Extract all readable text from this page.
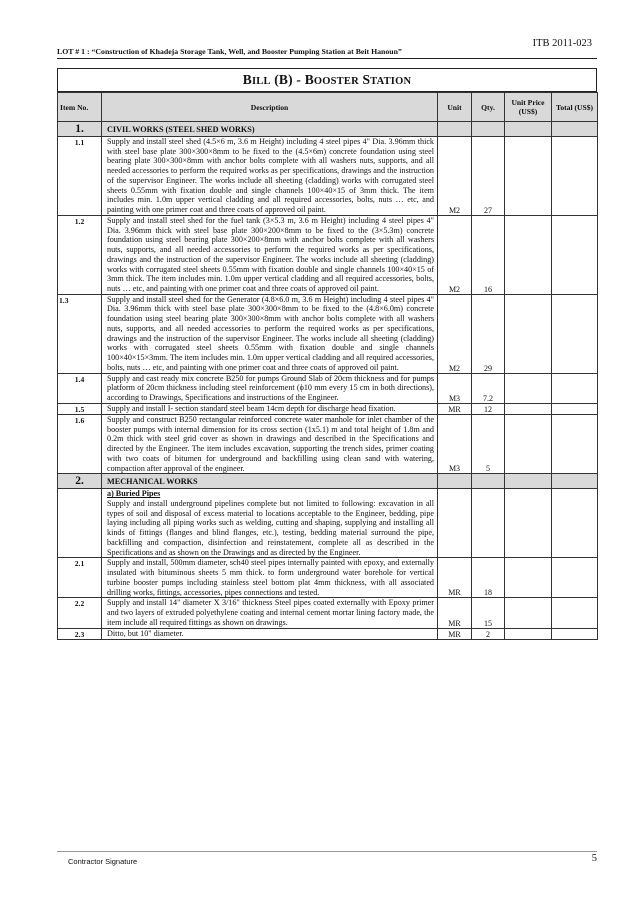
ITB 2011-023
LOT # 1 : “Construction of Khadeja Storage Tank, Well, and Booster Pumping Station at Beit Hanoun”
BILL (B) - BOOSTER STATION
Item No.	Description	Unit	Qty.	Unit Price (US$)	Total (US$)
1.	CIVIL WORKS (STEEL SHED WORKS)				
1.1	Supply and install steel shed (4.5×6 m, 3.6 m Height) including 4 steel pipes 4" Dia. 3.96mm thick with steel base plate 300×300×8mm to be fixed to the (4.5×6m) concrete foundation using steel bearing plate 300×300×8mm with anchor bolts complete with all washers nuts, supports, and all needed accessories to perform the required works as per specifications, drawings and the instruction of the supervisor Engineer. The works include all sheeting (cladding) works with corrugated steel sheets 0.55mm with fixation double and single channels 100×40×15 of 3mm thick. The item includes min. 1.0m upper vertical cladding and all required accessories, bolts, nuts … etc, and painting with one primer coat and three coats of approved oil paint.	M2	27		
1.2	Supply and install steel shed for the fuel tank (3×5.3 m, 3.6 m Height) including 4 steel pipes 4" Dia. 3.96mm thick with steel base plate 300×200×8mm to be fixed to the (3×5.3m) concrete foundation using steel bearing plate 300×200×8mm with anchor bolts complete with all washers nuts, supports, and all needed accessories to perform the required works as per specifications, drawings and the instruction of the supervisor Engineer. The works include all sheeting (cladding) works with corrugated steel sheets 0.55mm with fixation double and single channels 100×40×15 of 3mm thick. The item includes min. 1.0m upper vertical cladding and all required accessories, bolts, nuts … etc, and painting with one primer coat and three coats of approved oil paint.	M2	16		
1.3	Supply and install steel shed for the Generator (4.8×6.0 m, 3.6 m Height) including 4 steel pipes 4" Dia. 3.96mm thick with steel base plate 300×300×8mm to be fixed to the (4.8×6.0m) concrete foundation using steel bearing plate 300×300×8mm with anchor bolts complete with all washers nuts, supports, and all needed accessories to perform the required works as per specifications, drawings and the instruction of the supervisor Engineer. The works include all sheeting (cladding) works with corrugated steel sheets 0.55mm with fixation double and single channels 100×40×15×3mm. The item includes min. 1.0m upper vertical cladding and all required accessories, bolts, nuts … etc, and painting with one primer coat and three coats of approved oil paint.	M2	29		
1.4	Supply and cast ready mix concrete B250 for pumps Ground Slab of 20cm thickness and for pumps platform of 20cm thickness including steel reinforcement (ϕ10 mm every 15 cm in both directions), according to Drawings, Specifications and instructions of the Engineer.	M3	7.2		
1.5	Supply and install I- section standard steel beam 14cm depth for discharge head fixation.	MR	12		
1.6	Supply and construct B250 rectangular reinforced concrete water manhole for inlet chamber of the booster pumps with internal dimension for its cross section (1x5.1) m and total height of 1.8m and 0.2m thick with steel grid cover as shown in drawings and described in the Specifications and directed by the Engineer. The item includes excavation, supporting the trench sides, primer coating with two coats of bitumen for underground and backfilling using clean sand with watering, compaction after approval of the engineer.	M3	5		
2.	MECHANICAL WORKS				

	a) Buried Pipes
Supply and install underground pipelines complete but not limited to following: excavation in all types of soil and disposal of excess material to locations acceptable to the Engineer, bedding, pipe laying including all piping works such as welding, cutting and shaping, supplying and installing all kinds of fittings (flanges and blind flanges, etc.), testing, bedding material surround the pipe, backfilling and compaction, disinfection and reinstatement, complete all as described in the Specifications and as shown on the Drawings and as directed by the Engineer.				

2.1	Supply and install, 500mm diameter, sch40 steel pipes internally painted with epoxy, and externally insulated with bituminous sheets 5 mm thick. to form underground water borehole for vertical turbine booster pumps including stainless steel bottom plat 4mm thickness, with all associated drilling works, fittings, accessories, pipes connections and tested.	MR	18		
2.2	Supply and install 14" diameter X 3/16" thickness Steel pipes coated externally with Epoxy primer and two layers of extruded polyethylene coating and internal cement mortar lining factory made, the item include all required fittings as shown on drawings.	MR	15		
2.3	Ditto, but 10" diameter.	MR	2		
Contractor Signature	5
